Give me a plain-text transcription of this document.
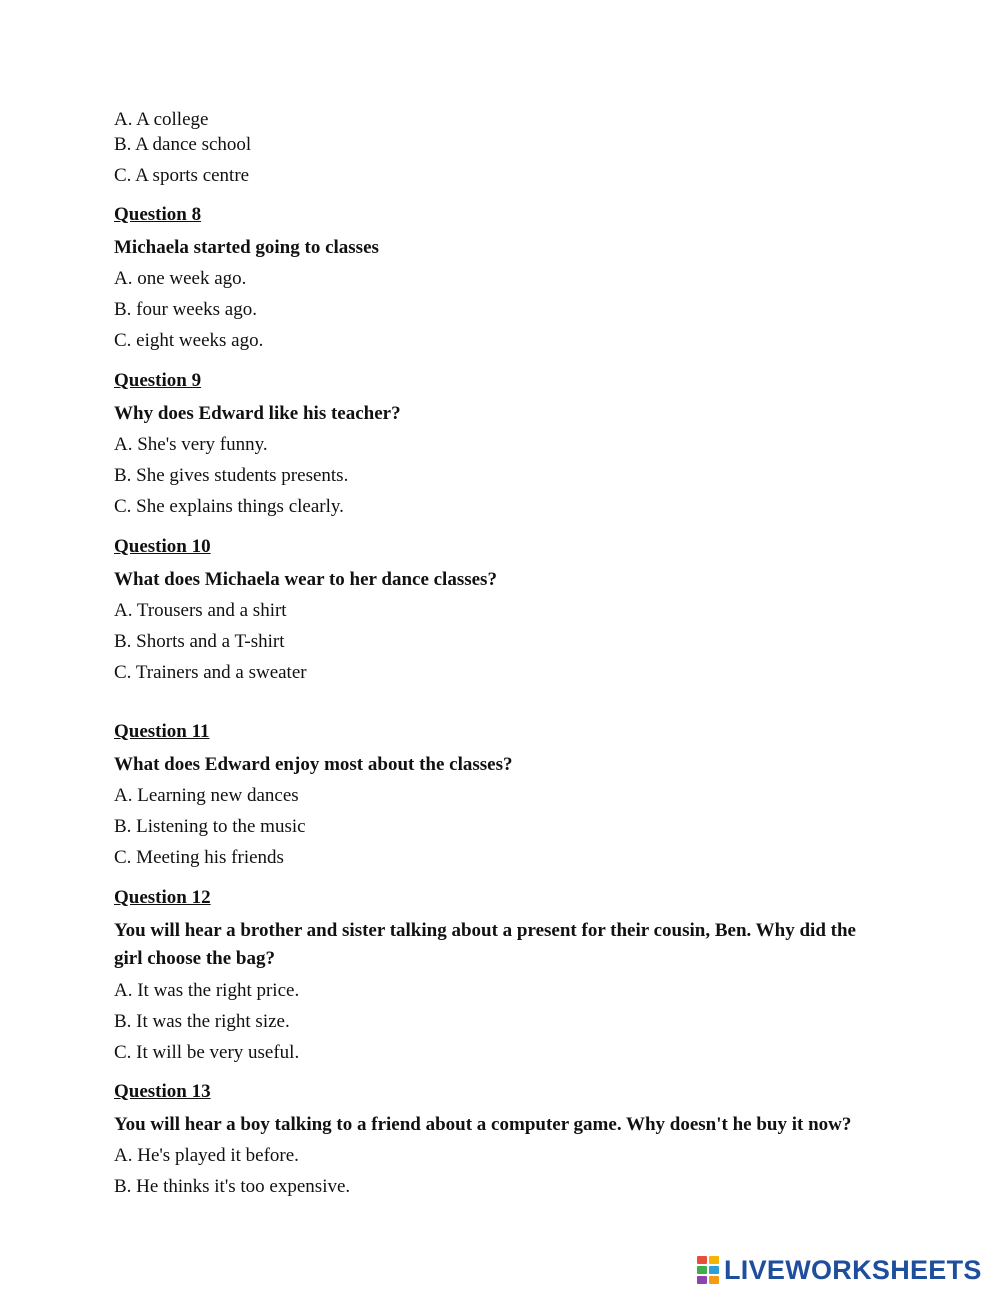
A. A college
B. A dance school
C. A sports centre
Question 8
Michaela started going to classes
A. one week ago.
B. four weeks ago.
C. eight weeks ago.
Question 9
Why does Edward like his teacher?
A. She's very funny.
B. She gives students presents.
C. She explains things clearly.
Question 10
What does Michaela wear to her dance classes?
A. Trousers and a shirt
B. Shorts and a T-shirt
C. Trainers and a sweater
Question 11
What does Edward enjoy most about the classes?
A. Learning new dances
B. Listening to the music
C. Meeting his friends
Question 12
You will hear a brother and sister talking about a present for their cousin, Ben. Why did the
girl choose the bag?
A. It was the right price.
B. It was the right size.
C. It will be very useful.
Question 13
You will hear a boy talking to a friend about a computer game. Why doesn't he buy it now?
A. He's played it before.
B. He thinks it's too expensive.
LIVEWORKSHEETS
